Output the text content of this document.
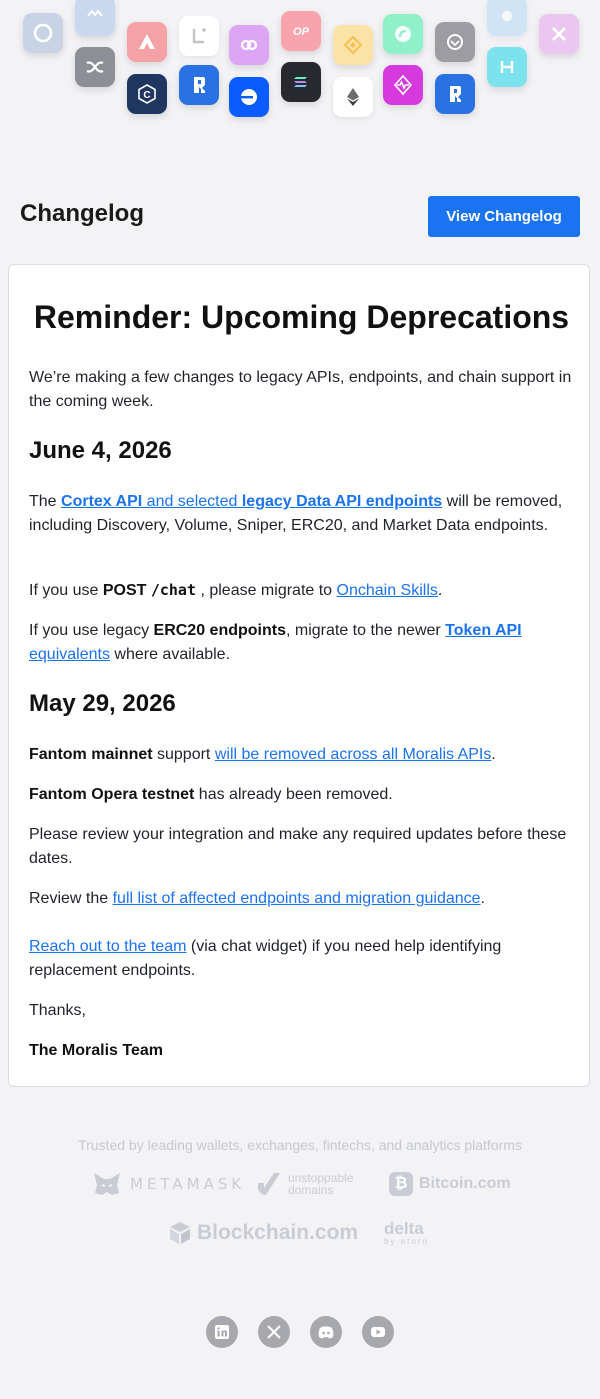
OP
C
Changelog	View Changelog
Reminder: Upcoming Deprecations

We’re making a few changes to legacy APIs, endpoints, and chain support in the coming week.

June 4, 2026

The Cortex API and selected legacy Data API endpoints will be removed, including Discovery, Volume, Sniper, ERC20, and Market Data endpoints.

If you use POST /chat , please migrate to Onchain Skills.

If you use legacy ERC20 endpoints, migrate to the newer Token API equivalents where available.

May 29, 2026

Fantom mainnet support will be removed across all Moralis APIs.

Fantom Opera testnet has already been removed.

Please review your integration and make any required updates before these dates.

Review the full list of affected endpoints and migration guidance.

Reach out to the team (via chat widget) if you need help identifying replacement endpoints.

Thanks,

The Moralis Team

Trusted by leading wallets, exchanges, fintechs, and analytics platforms
METAMASK	unstoppable
domains	₿ Bitcoin.com
Blockchain.com delta
by etoro
